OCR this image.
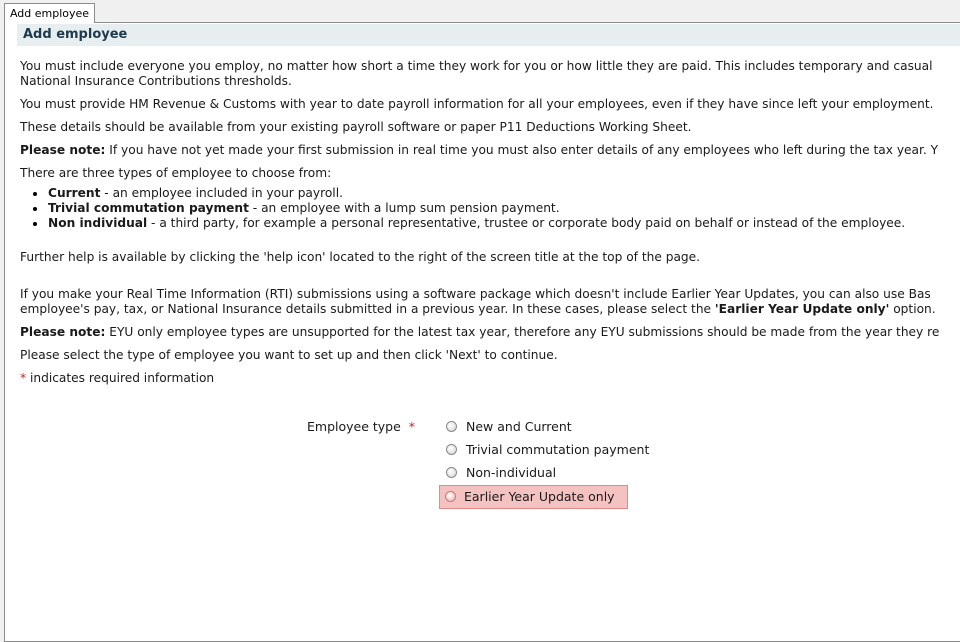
Add employee
Add employee
You must include everyone you employ, no matter how short a time they work for you or how little they are paid. This includes temporary and casual
National Insurance Contributions thresholds.
You must provide HM Revenue & Customs with year to date payroll information for all your employees, even if they have since left your employment.
These details should be available from your existing payroll software or paper P11 Deductions Working Sheet.
Please note: If you have not yet made your first submission in real time you must also enter details of any employees who left during the tax year. Y
There are three types of employee to choose from:
Current - an employee included in your payroll.
Trivial commutation payment - an employee with a lump sum pension payment.
Non individual - a third party, for example a personal representative, trustee or corporate body paid on behalf or instead of the employee.
Further help is available by clicking the 'help icon' located to the right of the screen title at the top of the page.
If you make your Real Time Information (RTI) submissions using a software package which doesn't include Earlier Year Updates, you can also use Bas
employee's pay, tax, or National Insurance details submitted in a previous year. In these cases, please select the 'Earlier Year Update only' option.
Please note: EYU only employee types are unsupported for the latest tax year, therefore any EYU submissions should be made from the year they re
Please select the type of employee you want to set up and then click 'Next' to continue.
* indicates required information
Employee type *	New and Current
Trivial commutation payment
Non-individual
Earlier Year Update only
